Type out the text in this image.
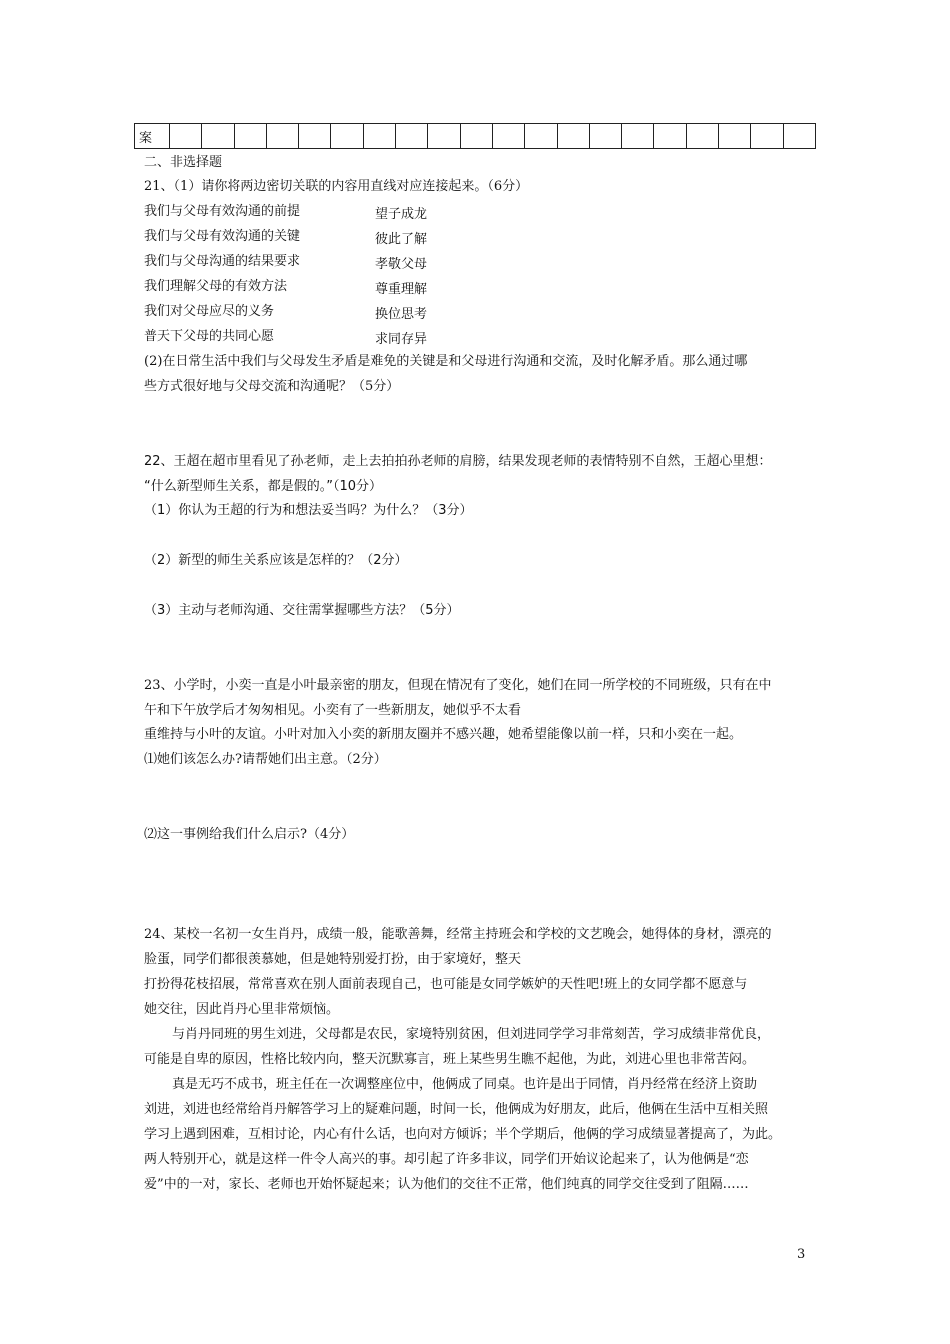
案																				
二、非选择题
21、（1）请你将两边密切关联的内容用直线对应连接起来。（6分）
我们与父母有效沟通的前提	望子成龙
我们与父母有效沟通的关键	彼此了解
我们与父母沟通的结果要求	孝敬父母
我们理解父母的有效方法	尊重理解
我们对父母应尽的义务	换位思考
普天下父母的共同心愿	求同存异
(2)在日常生活中我们与父母发生矛盾是难免的关键是和父母进行沟通和交流，及时化解矛盾。那么通过哪
些方式很好地与父母交流和沟通呢？（5分）
22、王超在超市里看见了孙老师，走上去拍拍孙老师的肩膀，结果发现老师的表情特别不自然，王超心里想：
“什么新型师生关系，都是假的。”（10分）
（1）你认为王超的行为和想法妥当吗？为什么？（3分）
（2）新型的师生关系应该是怎样的？（2分）
（3）主动与老师沟通、交往需掌握哪些方法？（5分）
23、小学时，小奕一直是小叶最亲密的朋友，但现在情况有了变化，她们在同一所学校的不同班级，只有在中
午和下午放学后才匆匆相见。小奕有了一些新朋友，她似乎不太看
重维持与小叶的友谊。小叶对加入小奕的新朋友圈并不感兴趣，她希望能像以前一样，只和小奕在一起。
⑴她们该怎么办?请帮她们出主意。（2分）
⑵这一事例给我们什么启示?（4分）
24、某校一名初一女生肖丹，成绩一般，能歌善舞，经常主持班会和学校的文艺晚会，她得体的身材，漂亮的
脸蛋，同学们都很羡慕她，但是她特别爱打扮，由于家境好，整天
打扮得花枝招展，常常喜欢在别人面前表现自己，也可能是女同学嫉妒的天性吧!班上的女同学都不愿意与
她交往，因此肖丹心里非常烦恼。
与肖丹同班的男生刘进，父母都是农民，家境特别贫困，但刘进同学学习非常刻苦，学习成绩非常优良，
可能是自卑的原因，性格比较内向，整天沉默寡言，班上某些男生瞧不起他，为此，刘进心里也非常苦闷。
真是无巧不成书，班主任在一次调整座位中，他俩成了同桌。也许是出于同情，肖丹经常在经济上资助
刘进，刘进也经常给肖丹解答学习上的疑难问题，时间一长，他俩成为好朋友，此后，他俩在生活中互相关照
学习上遇到困难，互相讨论，内心有什么话，也向对方倾诉；半个学期后，他俩的学习成绩显著提高了，为此。
两人特别开心，就是这样一件令人高兴的事。却引起了许多非议，同学们开始议论起来了，认为他俩是“恋
爱”中的一对，家长、老师也开始怀疑起来；认为他们的交往不正常，他们纯真的同学交往受到了阻隔……
3
